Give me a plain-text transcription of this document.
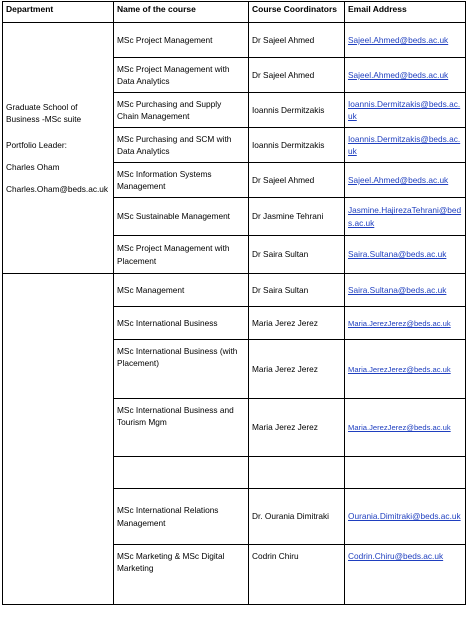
Department	Name of the course	Course Coordinators	Email Address

Graduate School of

Business -MSc suite

Portfolio Leader:

Charles Oham

Charles.Oham@beds.ac.uk	MSc Project Management	Dr Sajeel Ahmed	Sajeel.Ahmed@beds.ac.uk
	MSc Project Management with Data Analytics	Dr Sajeel Ahmed	Sajeel.Ahmed@beds.ac.uk
	MSc Purchasing and Supply Chain Management	Ioannis Dermitzakis	Ioannis.Dermitzakis@beds.ac.uk
	MSc Purchasing and SCM with Data Analytics	Ioannis Dermitzakis	Ioannis.Dermitzakis@beds.ac.uk
	MSc Information Systems Management	Dr Sajeel Ahmed	Sajeel.Ahmed@beds.ac.uk
	MSc Sustainable Management	Dr Jasmine Tehrani	Jasmine.HajirezaTehrani@beds.ac.uk
	MSc Project Management with Placement	Dr Saira Sultan	Saira.Sultana@beds.ac.uk
	MSc Management	Dr Saira Sultan	Saira.Sultana@beds.ac.uk
	MSc International Business	Maria Jerez Jerez	Maria.JerezJerez@beds.ac.uk
	MSc International Business (with Placement)	Maria Jerez Jerez	Maria.JerezJerez@beds.ac.uk
	MSc International Business and Tourism Mgm	Maria Jerez Jerez	Maria.JerezJerez@beds.ac.uk

	MSc International Relations Management	Dr. Ourania Dimitraki	Ourania.Dimitraki@beds.ac.uk
	MSc Marketing & MSc Digital Marketing	Codrin Chiru	Codrin.Chiru@beds.ac.uk
